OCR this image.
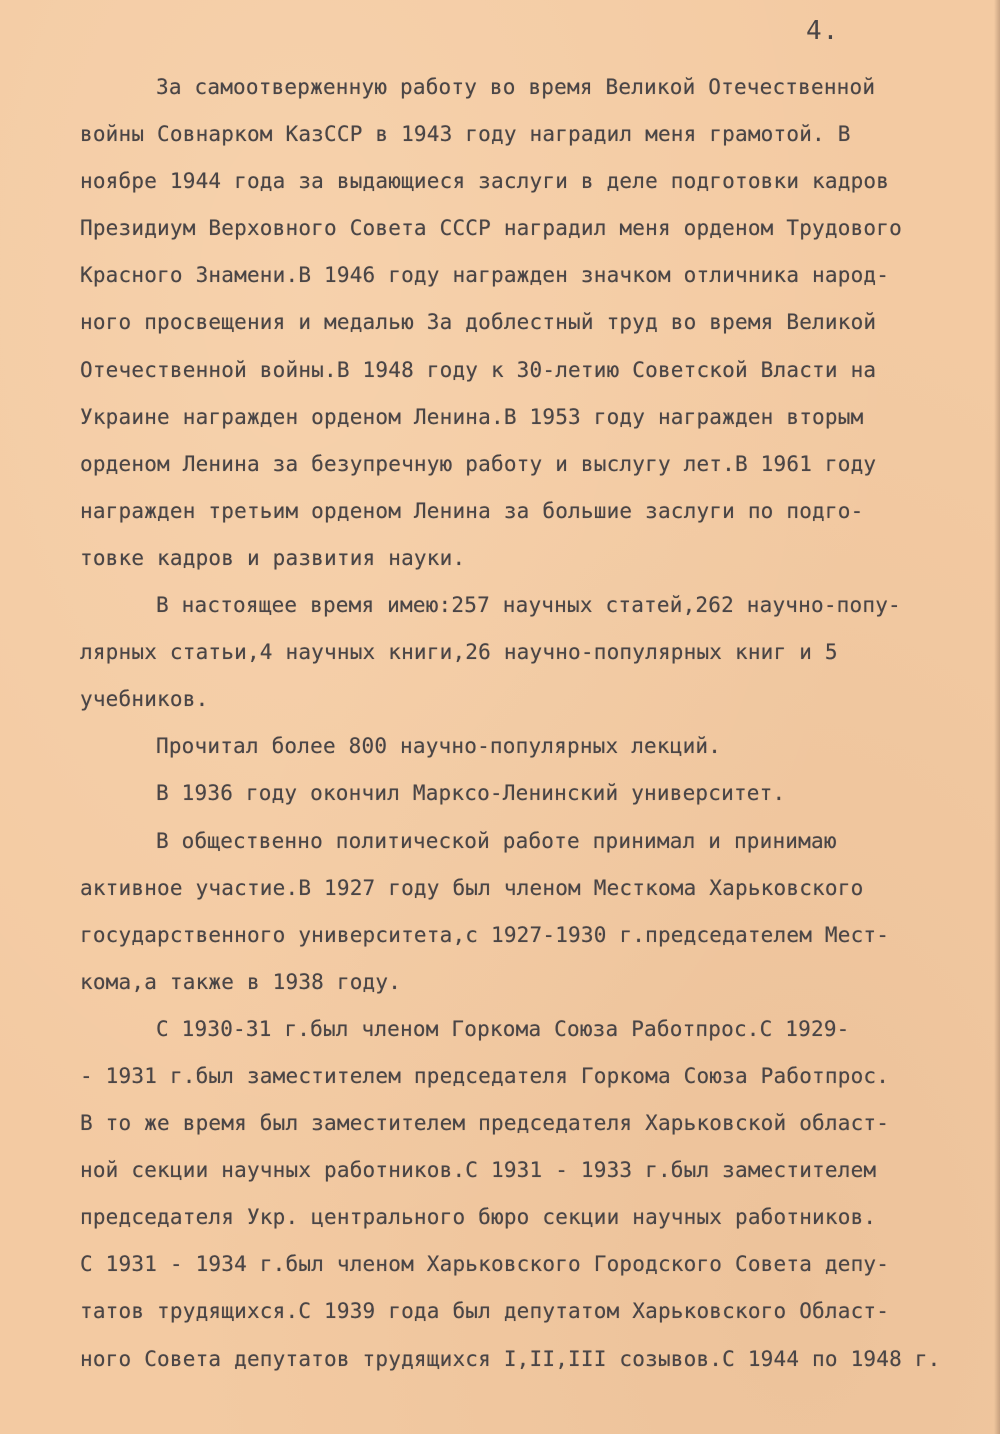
4.
За самоотверженную работу во время Великой Отечественной
войны Совнарком КазССР в 1943 году наградил меня грамотой. В
ноябре 1944 года за выдающиеся заслуги в деле подготовки кадров
Президиум Верховного Совета СССР наградил меня орденом Трудового
Красного Знамени.В 1946 году награжден значком отличника народ-
ного просвещения и медалью За доблестный труд во время Великой
Отечественной войны.В 1948 году к 30-летию Советской Власти на
Украине награжден орденом Ленина.В 1953 году награжден вторым
орденом Ленина за безупречную работу и выслугу лет.В 1961 году
награжден третьим орденом Ленина за большие заслуги по подго-
товке кадров и развития науки.
В настоящее время имею:257 научных статей,262 научно-попу-
лярных статьи,4 научных книги,26 научно-популярных книг и 5
учебников.
Прочитал более 800 научно-популярных лекций.
В 1936 году окончил Марксо-Ленинский университет.
В общественно политической работе принимал и принимаю
активное участие.В 1927 году был членом Месткома Харьковского
государственного университета,с 1927-1930 г.председателем Мест-
кома,а также в 1938 году.
С 1930-31 г.был членом Горкома Союза Работпрос.С 1929-
- 1931 г.был заместителем председателя Горкома Союза Работпрос.
В то же время был заместителем председателя Харьковской област-
ной секции научных работников.С 1931 - 1933 г.был заместителем
председателя Укр. центрального бюро секции научных работников.
С 1931 - 1934 г.был членом Харьковского Городского Совета депу-
татов трудящихся.С 1939 года был депутатом Харьковского Област-
ного Совета депутатов трудящихся I,II,III созывов.С 1944 по 1948 г.
